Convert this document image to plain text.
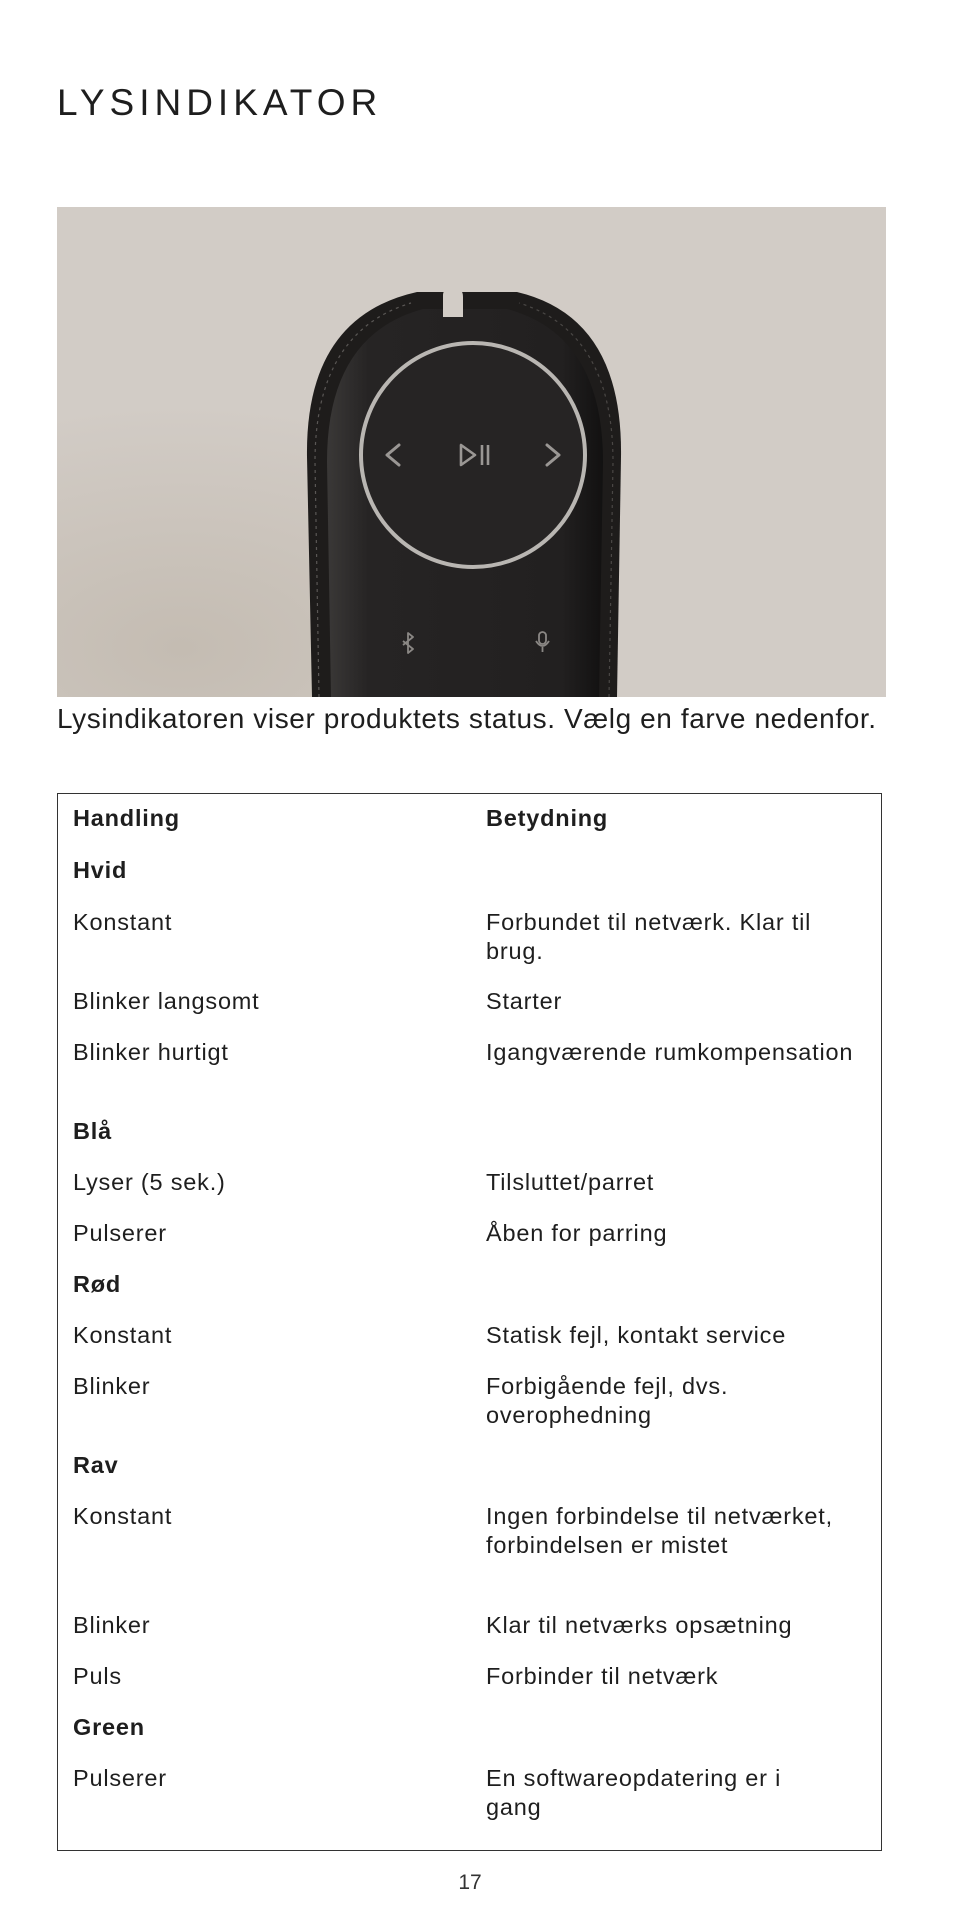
LYSINDIKATOR

Lysindikatoren viser produktets status. Vælg en farve nedenfor.

Handling	Betydning
Hvid
Konstant	Forbundet til netværk. Klar til brug.
Blinker langsomt	Starter
Blinker hurtigt	Igangværende rumkompensation
Blå
Lyser (5 sek.)	Tilsluttet/parret
Pulserer	Åben for parring
Rød
Konstant	Statisk fejl, kontakt service
Blinker	Forbigående fejl, dvs. overophedning
Rav
Konstant	Ingen forbindelse til netværket, forbindelsen er mistet
Blinker	Klar til netværks opsætning
Puls	Forbinder til netværk
Green
Pulserer	En softwareopdatering er i gang
17
